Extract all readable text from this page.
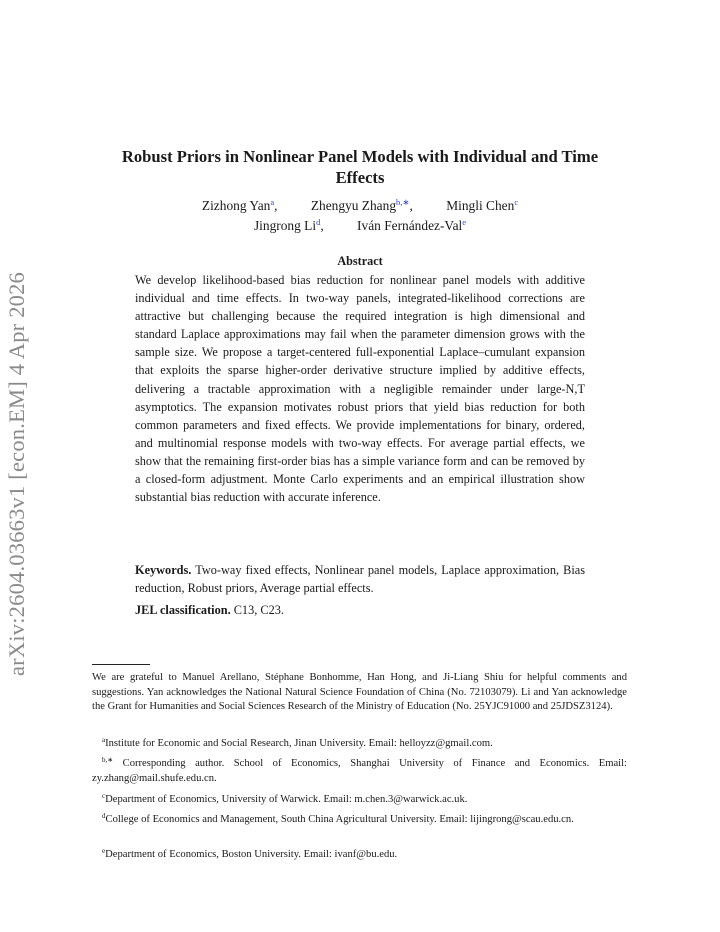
arXiv:2604.03663v1 [econ.EM] 4 Apr 2026
Robust Priors in Nonlinear Panel Models with Individual and Time Effects
Zizhong Yan$^a$, Zhengyu Zhang$^{b,∗}$, Mingli Chen$^c$
Jingrong Li$^d$, Iván Fernández-Val$^e$
Abstract
We develop likelihood-based bias reduction for nonlinear panel models with additive individual and time effects. In two-way panels, integrated-likelihood corrections are attractive but challenging because the required integration is high dimensional and standard Laplace approximations may fail when the parameter dimension grows with the sample size. We propose a target-centered full-exponential Laplace–cumulant expansion that exploits the sparse higher-order derivative structure implied by additive effects, delivering a tractable approximation with a negligible remainder under large-N,T asymptotics. The expansion motivates robust priors that yield bias reduction for both common parameters and fixed effects. We provide implementations for binary, ordered, and multinomial response models with two-way effects. For average partial effects, we show that the remaining first-order bias has a simple variance form and can be removed by a closed-form adjustment. Monte Carlo experiments and an empirical illustration show substantial bias reduction with accurate inference.
Keywords. Two-way fixed effects, Nonlinear panel models, Laplace approximation, Bias reduction, Robust priors, Average partial effects.
JEL classification. C13, C23.
We are grateful to Manuel Arellano, Stéphane Bonhomme, Han Hong, and Ji-Liang Shiu for helpful comments and suggestions. Yan acknowledges the National Natural Science Foundation of China (No. 72103079). Li and Yan acknowledge the Grant for Humanities and Social Sciences Research of the Ministry of Education (No. 25YJC91000 and 25JDSZ3124).
$^a$Institute for Economic and Social Research, Jinan University. Email: helloyzz@gmail.com.
$^{b,∗}$ Corresponding author. School of Economics, Shanghai University of Finance and Economics. Email: zy.zhang@mail.shufe.edu.cn.
$^c$Department of Economics, University of Warwick. Email: m.chen.3@warwick.ac.uk.
$^d$College of Economics and Management, South China Agricultural University. Email: lijingrong@scau.edu.cn.
$^e$Department of Economics, Boston University. Email: ivanf@bu.edu.
